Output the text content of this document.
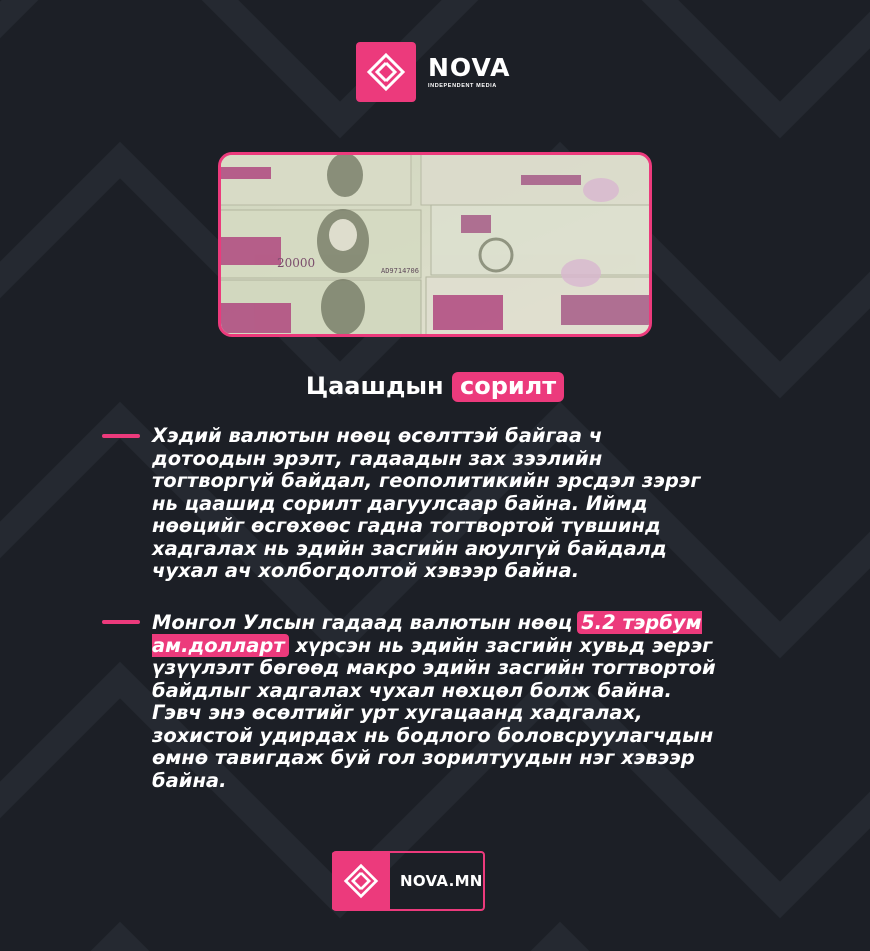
NOVA
INDEPENDENT MEDIA
20000
AD9714706
Цаашдын сорилт

Хэдий валютын нөөц өсөлттэй байгаа ч дотоодын эрэлт, гадаадын зах зээлийн тогтворгүй байдал, геополитикийн эрсдэл зэрэг нь цаашид сорилт дагуулсаар байна. Иймд нөөцийг өсгөхөөс гадна тогтвортой түвшинд хадгалах нь эдийн засгийн аюулгүй байдалд чухал ач холбогдолтой хэвээр байна.

Монгол Улсын гадаад валютын нөөц 5.2 тэрбум ам.долларт хүрсэн нь эдийн засгийн хувьд эерэг үзүүлэлт бөгөөд макро эдийн засгийн тогтвортой байдлыг хадгалах чухал нөхцөл болж байна. Гэвч энэ өсөлтийг урт хугацаанд хадгалах, зохистой удирдах нь бодлого боловсруулагчдын өмнө тавигдаж буй гол зорилтуудын нэг хэвээр байна.

NOVA.MN
